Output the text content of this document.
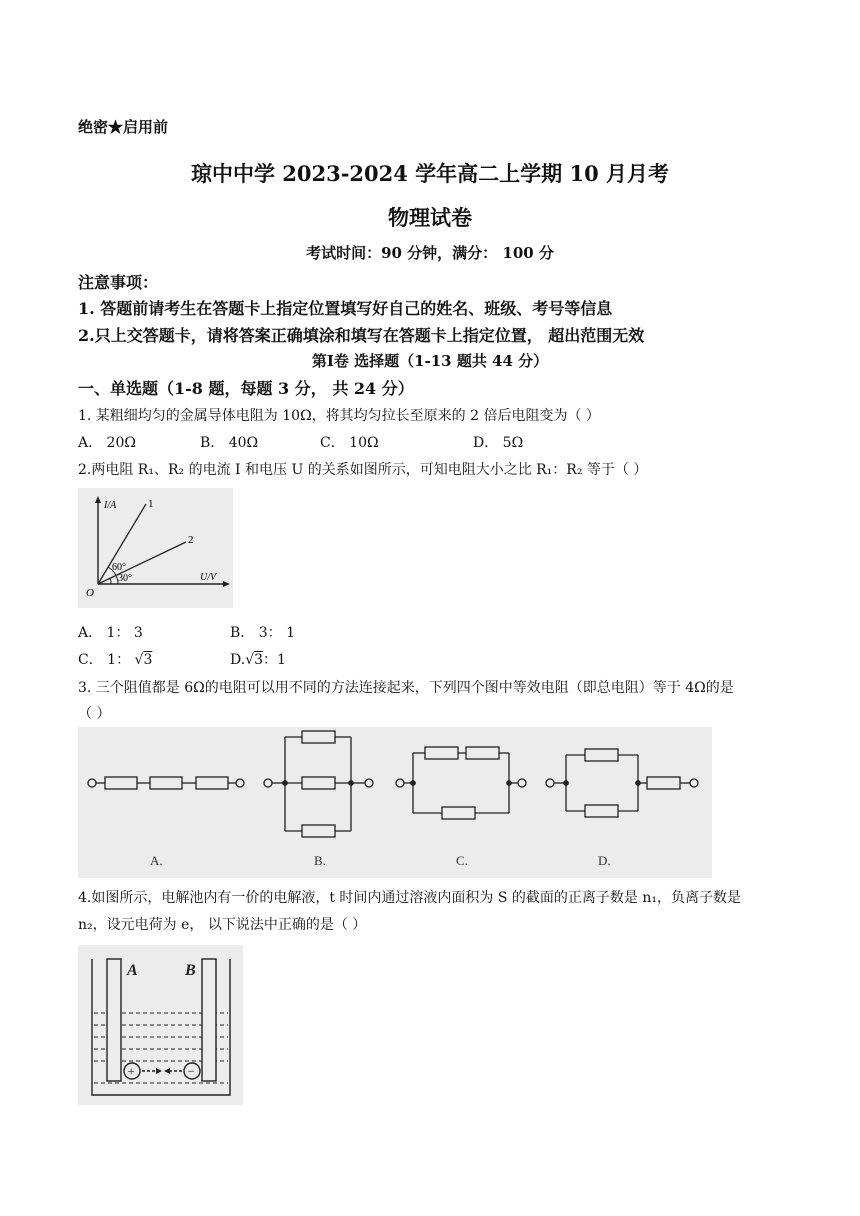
绝密★启用前
琼中中学 2023-2024 学年高二上学期 10 月月考
物理试卷
考试时间：90 分钟，满分： 100 分
注意事项：
1. 答题前请考生在答题卡上指定位置填写好自己的姓名、班级、考号等信息
2.只上交答题卡，请将答案正确填涂和填写在答题卡上指定位置， 超出范围无效
第Ⅰ卷 选择题（1-13 题共 44 分）
一、单选题（1-8 题，每题 3 分， 共 24 分）
1. 某粗细均匀的金属导体电阻为 10Ω，将其均匀拉长至原来的 2 倍后电阻变为（ ）
A． 20Ω	B． 40Ω	C． 10Ω	D． 5Ω
2.两电阻 R₁、R₂ 的电流 I 和电压 U 的关系如图所示，可知电阻大小之比 R₁：R₂ 等于（ ）
I/A
U/V
O
1
2
60°
30°
A． 1： 3	B． 3： 1
C． 1： √3	D.√3：1
3. 三个阻值都是 6Ω的电阻可以用不同的方法连接起来，下列四个图中等效电阻（即总电阻）等于 4Ω的是
（ ）
A.	B.	C.	D.
4.如图所示，电解池内有一价的电解液，t 时间内通过溶液内面积为 S 的截面的正离子数是 n₁，负离子数是
n₂，设元电荷为 e， 以下说法中正确的是（ ）
A	B
+	−
